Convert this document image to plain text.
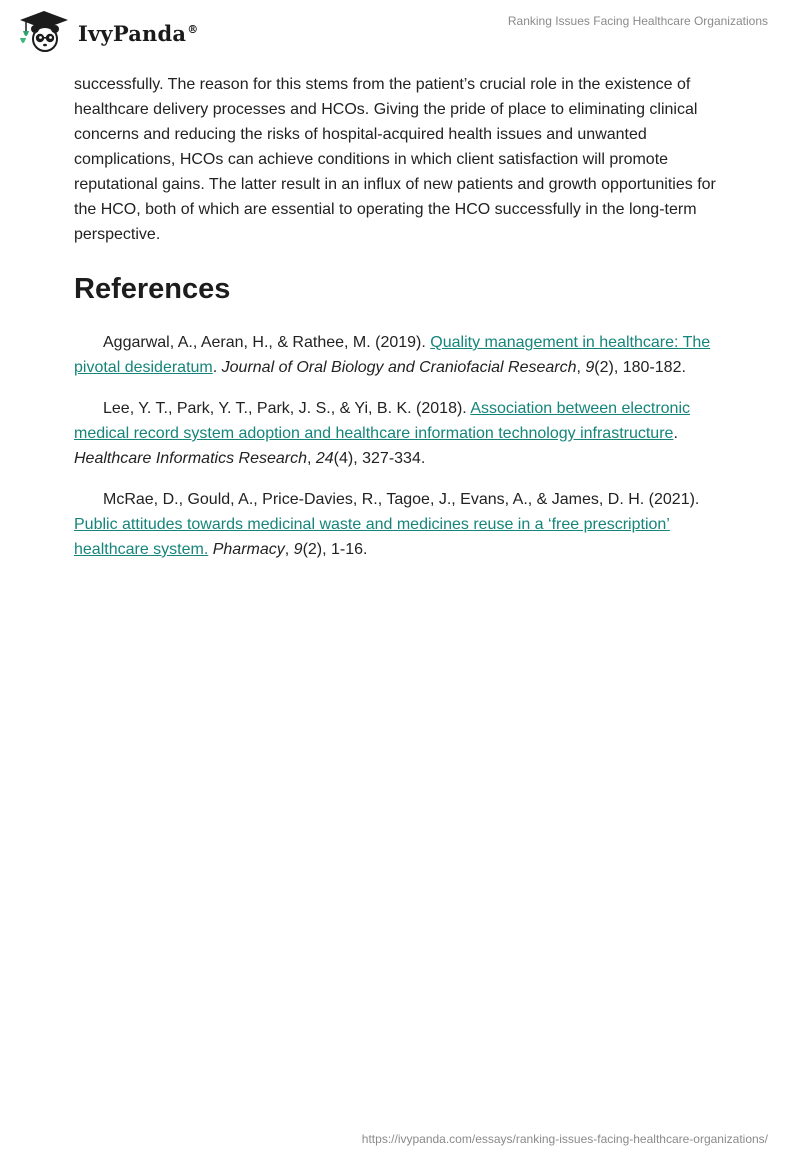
IvyPanda®
Ranking Issues Facing Healthcare Organizations

successfully. The reason for this stems from the patient’s crucial role in the existence of healthcare delivery processes and HCOs. Giving the pride of place to eliminating clinical concerns and reducing the risks of hospital-acquired health issues and unwanted complications, HCOs can achieve conditions in which client satisfaction will promote reputational gains. The latter result in an influx of new patients and growth opportunities for the HCO, both of which are essential to operating the HCO successfully in the long-term perspective.

References

Aggarwal, A., Aeran, H., & Rathee, M. (2019). Quality management in healthcare: The pivotal desideratum. Journal of Oral Biology and Craniofacial Research, 9(2), 180-182.

Lee, Y. T., Park, Y. T., Park, J. S., & Yi, B. K. (2018). Association between electronic medical record system adoption and healthcare information technology infrastructure. Healthcare Informatics Research, 24(4), 327-334.

McRae, D., Gould, A., Price-Davies, R., Tagoe, J., Evans, A., & James, D. H. (2021). Public attitudes towards medicinal waste and medicines reuse in a ‘free prescription’ healthcare system. Pharmacy, 9(2), 1-16.

https://ivypanda.com/essays/ranking-issues-facing-healthcare-organizations/
